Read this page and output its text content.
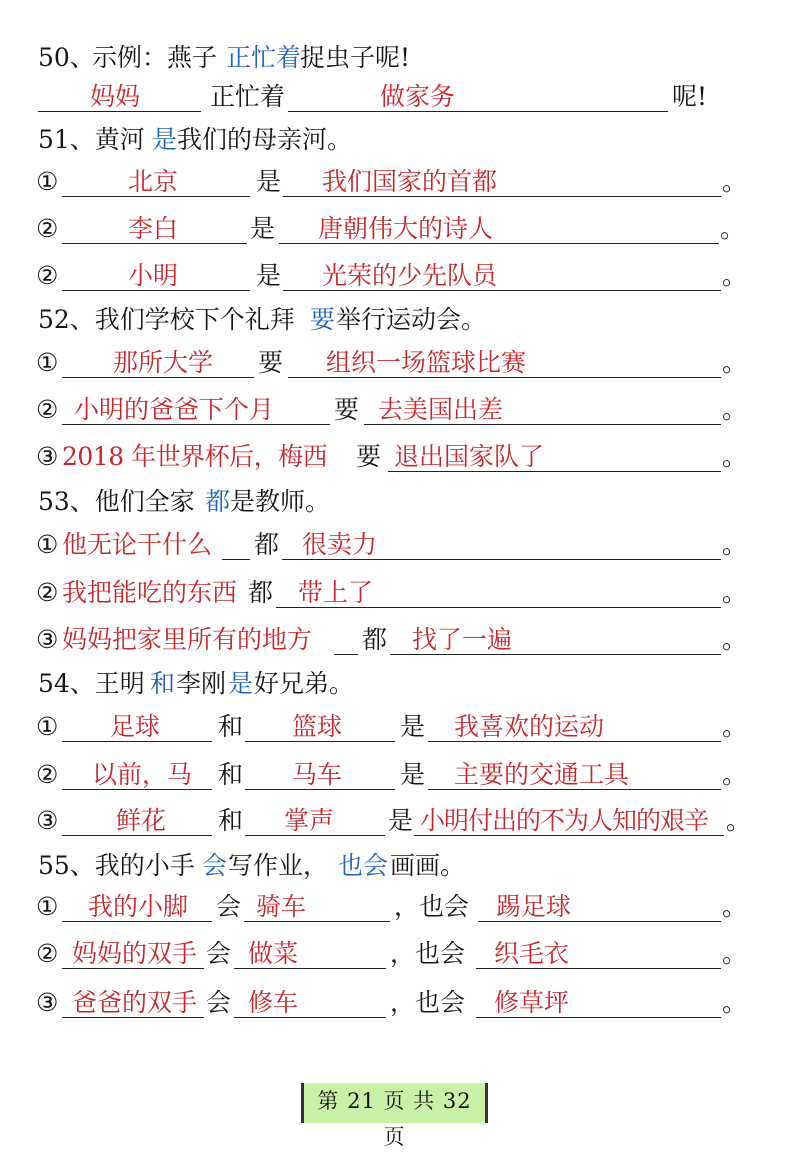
50、
示例：燕子 正忙着
捉虫子呢!
妈妈	正忙着	做家务	呢!
51、黄河 是 我们的母亲河。
①	北京	是 我们国家的首都	。
②	李白	是 唐朝伟大的诗人	。
②	小明	是 光荣的少先队员	。
52、我们学校下个礼拜 要 举行运动会。
① 那所大学 要 组织一场篮球比赛	。
② 小明的爸爸下个月 要 去美国出差	。
③ 2018 年世界杯后，梅西 要 退出国家队了	。
53、他们全家 都 是教师。
① 他无论干什么 都 很卖力	。
② 我把能吃的东西 都 带上了	。
③ 妈妈把家里所有的地方 都 找了一遍	。
54、王明 和 李刚 是 好兄弟。
① 足球 和 篮球 是 我喜欢的运动	。
② 以前，马 和 马车 是 主要的交通工具	。
③ 鲜花 和 掌声 是 小明付出的不为人知的艰辛 。
55、我的小手 会 写作业， 也会 画画。
① 我的小脚 会 骑车	，也会 踢足球	。
② 妈妈的双手 会 做菜	，也会 织毛衣	。
③ 爸爸的双手 会 修车	，也会 修草坪	。
第 21 页 共 32 页
